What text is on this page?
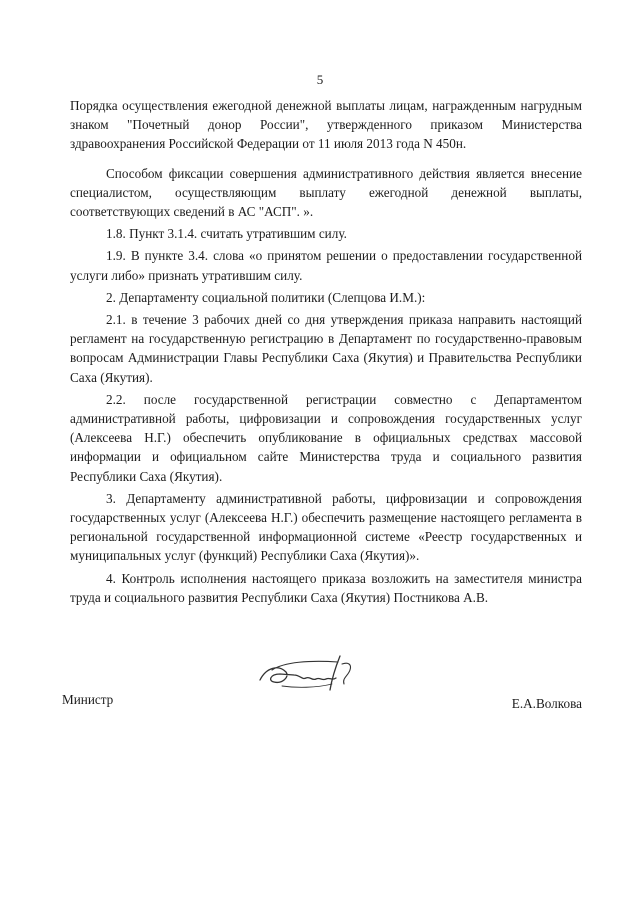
5

Порядка осуществления ежегодной денежной выплаты лицам, награжденным нагрудным знаком "Почетный донор России", утвержденного приказом Министерства здравоохранения Российской Федерации от 11 июля 2013 года N 450н.

Способом фиксации совершения административного действия является внесение специалистом, осуществляющим выплату ежегодной денежной выплаты, соответствующих сведений в АС "АСП". ».

1.8. Пункт 3.1.4. считать утратившим силу.

1.9. В пункте 3.4. слова «о принятом решении о предоставлении государственной услуги либо» признать утратившим силу.

2. Департаменту социальной политики (Слепцова И.М.):

2.1. в течение 3 рабочих дней со дня утверждения приказа направить настоящий регламент на государственную регистрацию в Департамент по государственно-правовым вопросам Администрации Главы Республики Саха (Якутия) и Правительства Республики Саха (Якутия).

2.2. после государственной регистрации совместно с Департаментом административной работы, цифровизации и сопровождения государственных услуг (Алексеева Н.Г.) обеспечить опубликование в официальных средствах массовой информации и официальном сайте Министерства труда и социального развития Республики Саха (Якутия).

3. Департаменту административной работы, цифровизации и сопровождения государственных услуг (Алексеева Н.Г.) обеспечить размещение настоящего регламента в региональной государственной информационной системе «Реестр государственных и муниципальных услуг (функций) Республики Саха (Якутия)».

4. Контроль исполнения настоящего приказа возложить на заместителя министра труда и социального развития Республики Саха (Якутия) Постникова А.В.

Министр	Е.А.Волкова
